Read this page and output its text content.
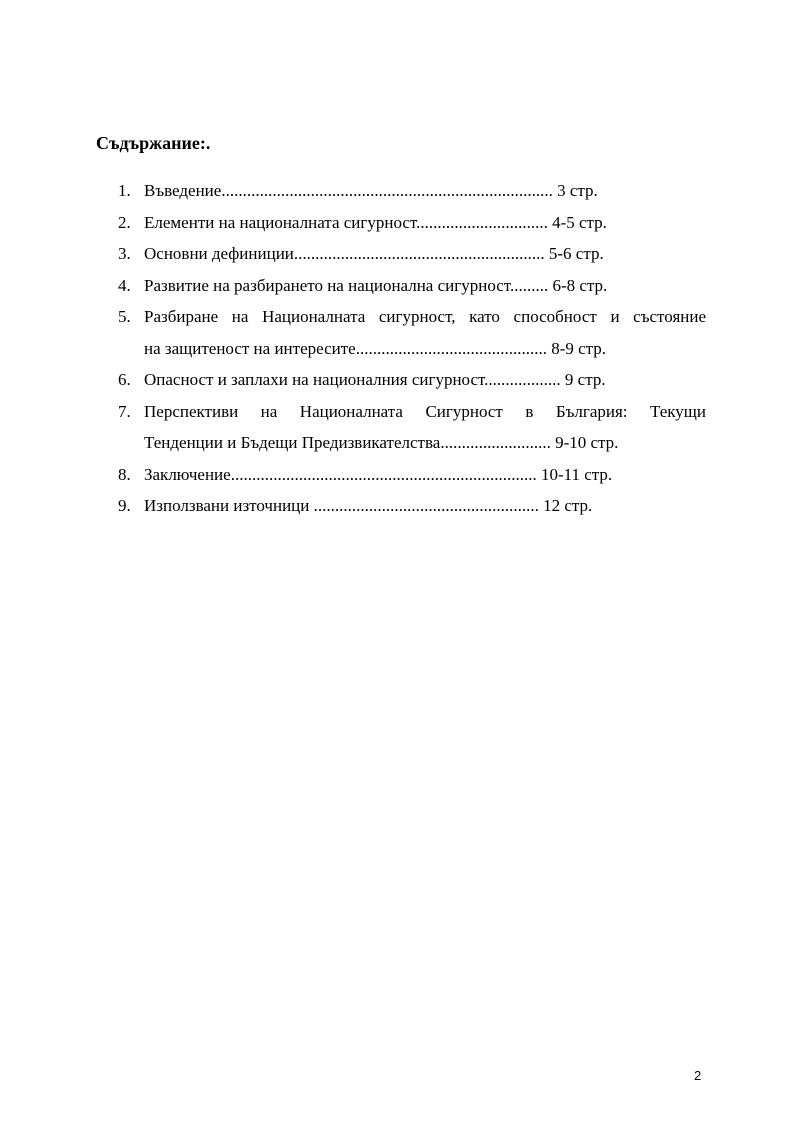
Съдържание:.
1. Въведение.............................................................................. 3 стр.
2. Елементи на националната сигурност............................... 4-5 стр.
3. Основни дефиниции........................................................... 5-6 стр.
4. Развитие на разбирането на национална сигурност......... 6-8 стр.
5. Разбиране на Националната сигурност, като способност и състояние
на защитеност на интересите............................................. 8-9 стр.
6. Опасност и заплахи на националния сигурност.................. 9 стр.
7. Перспективи на Националната Сигурност в България: Текущи
Тенденции и Бъдещи Предизвикателства.......................... 9-10 стр.
8. Заключение........................................................................ 10-11 стр.
9. Използвани източници ..................................................... 12 стр.
2
